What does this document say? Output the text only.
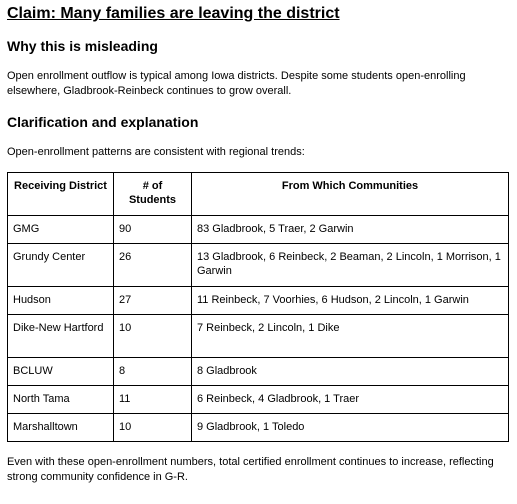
Claim: Many families are leaving the district
Why this is misleading

Open enrollment outflow is typical among Iowa districts. Despite some students open-enrolling elsewhere, Gladbrook-Reinbeck continues to grow overall.

Clarification and explanation

Open-enrollment patterns are consistent with regional trends:

Receiving District	# of Students	From Which Communities
GMG	90	83 Gladbrook, 5 Traer, 2 Garwin
Grundy Center	26	13 Gladbrook, 6 Reinbeck, 2 Beaman, 2 Lincoln, 1 Morrison, 1 Garwin
Hudson	27	11 Reinbeck, 7 Voorhies, 6 Hudson, 2 Lincoln, 1 Garwin
Dike-New Hartford	10	7 Reinbeck, 2 Lincoln, 1 Dike
BCLUW	8	8 Gladbrook
North Tama	11	6 Reinbeck, 4 Gladbrook, 1 Traer
Marshalltown	10	9 Gladbrook, 1 Toledo

Even with these open-enrollment numbers, total certified enrollment continues to increase, reflecting strong community confidence in G-R.
